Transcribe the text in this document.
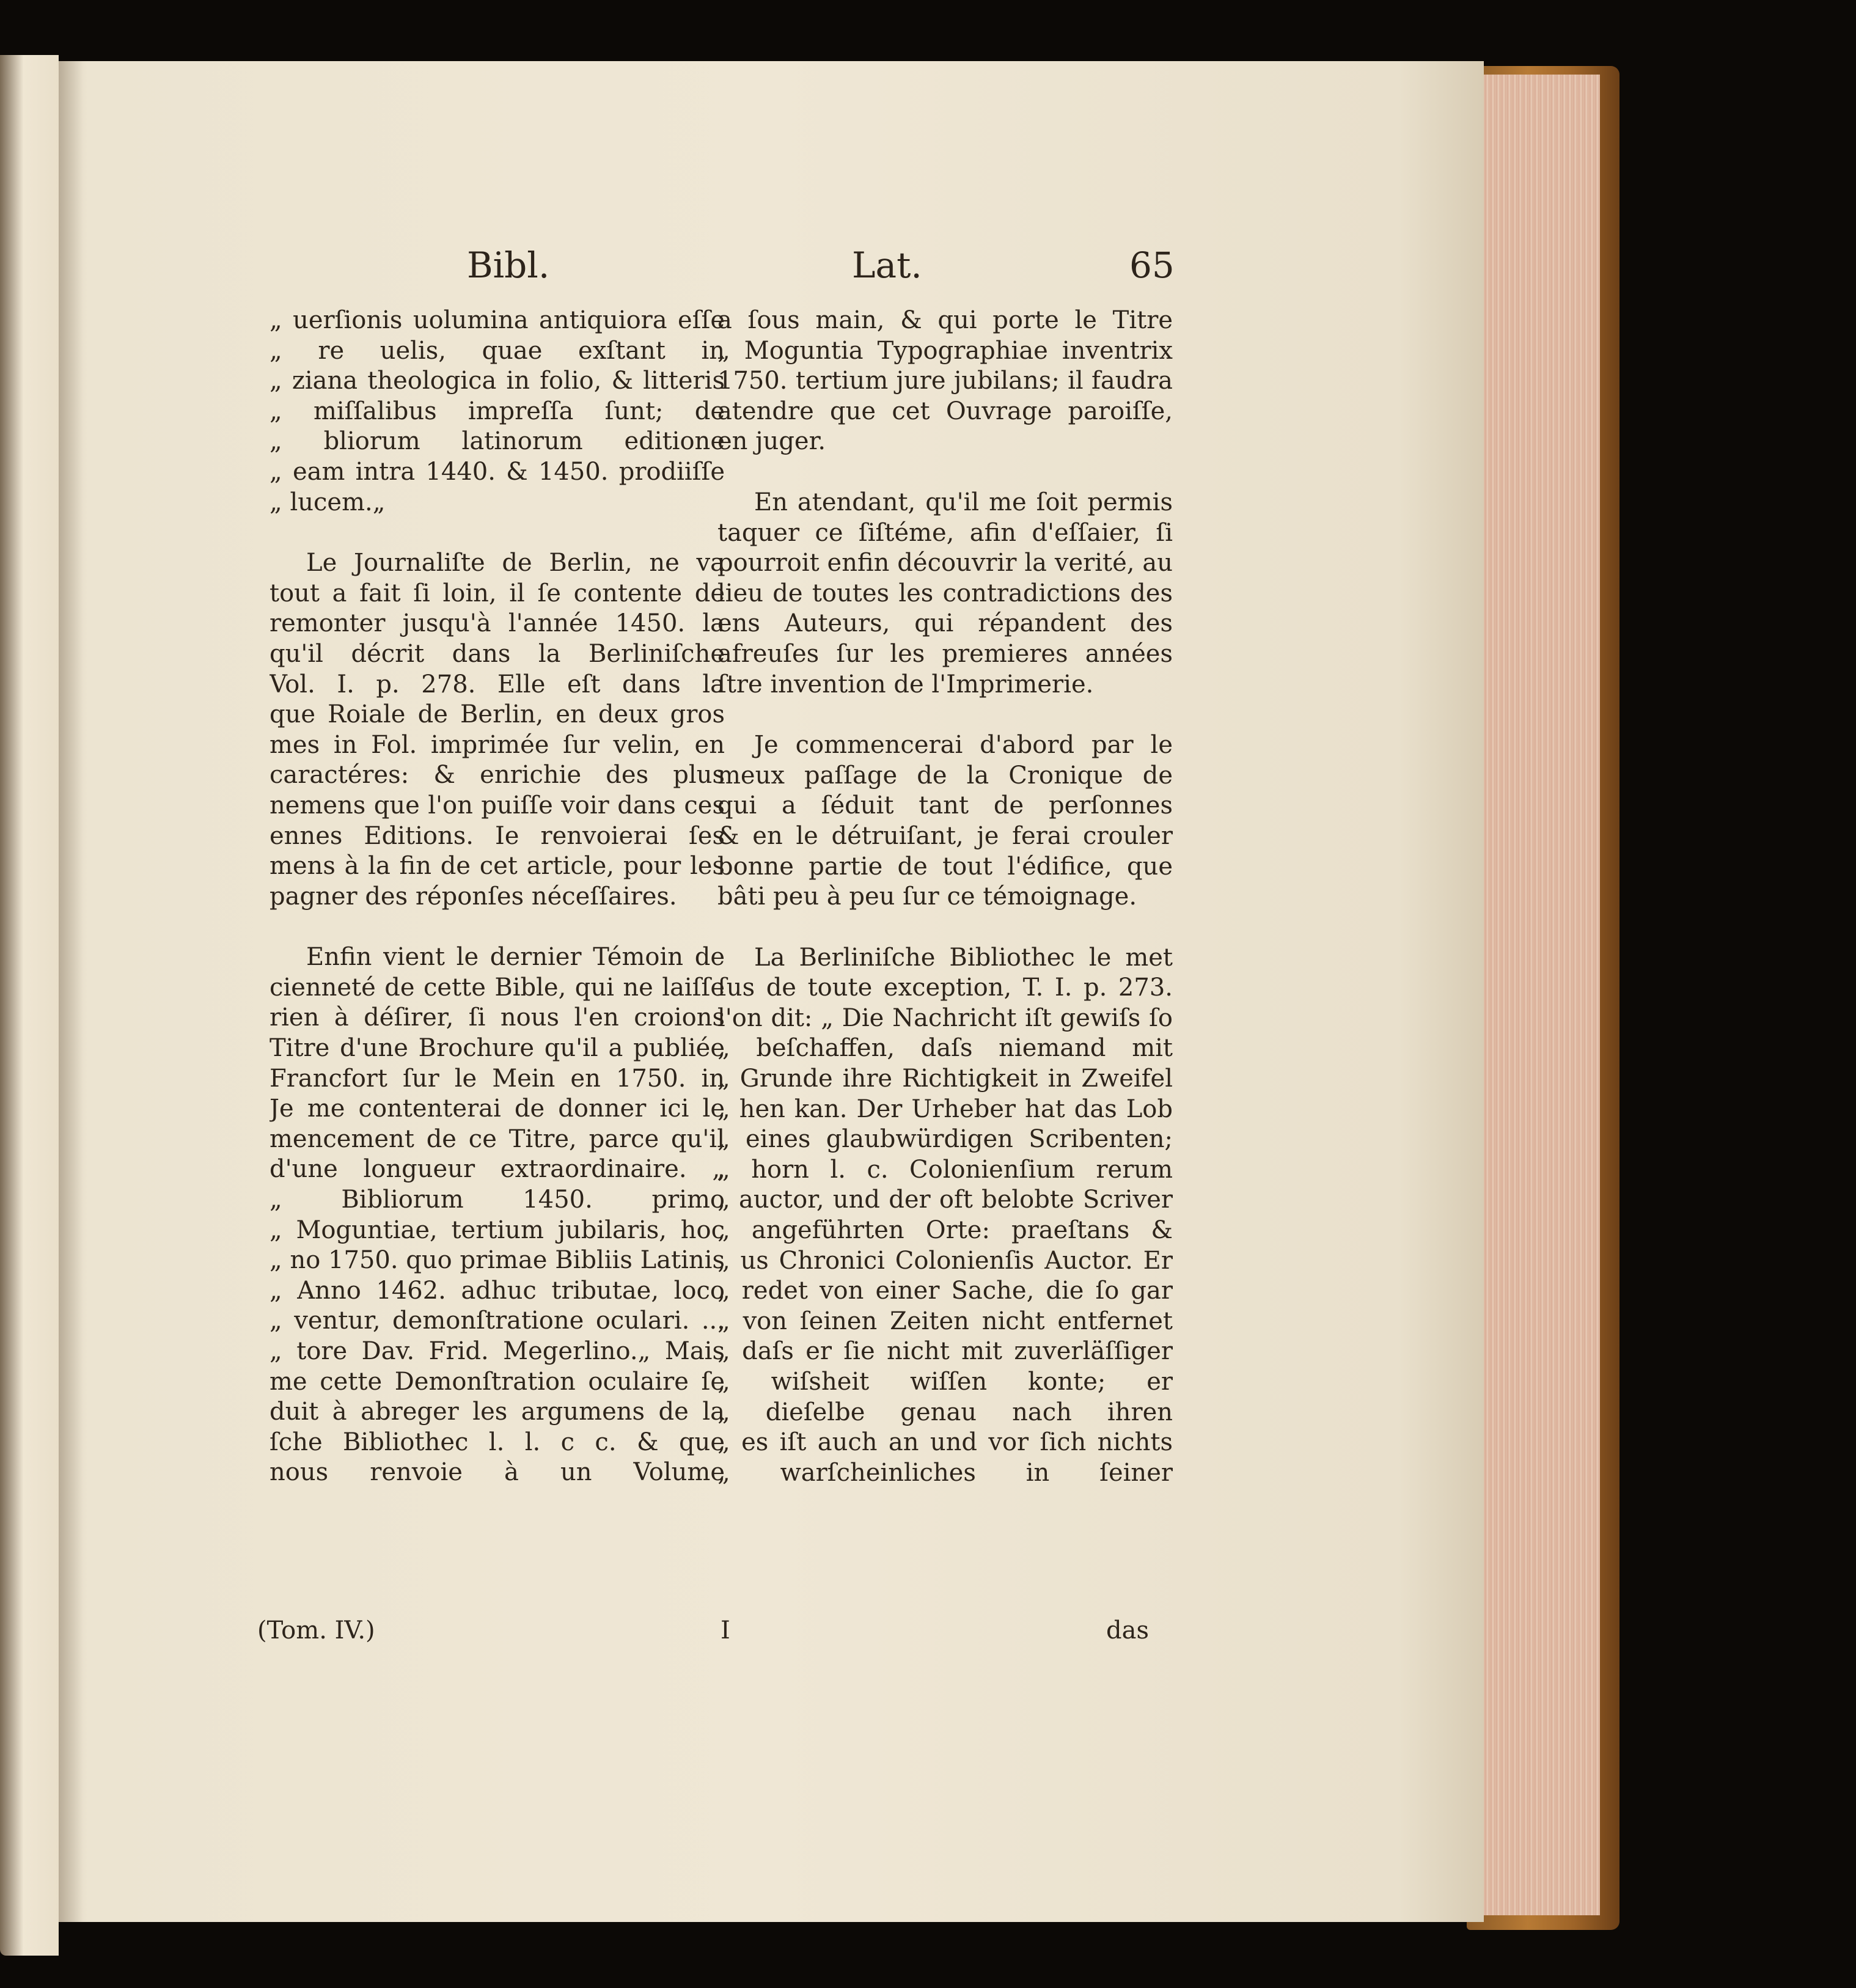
Bibl.	Lat.	65
„ uerſionis uolumina antiquiora eſſe
„ re uelis, quae exſtant in
„ ziana theologica in folio, & litteris
„ miſſalibus impreſſa ſunt; de
„ bliorum latinorum editione
„ eam intra 1440. & 1450. prodiiſſe
„ lucem.„
Le Journaliſte de Berlin, ne va
tout a fait ſi loin, il ſe contente de
remonter jusqu'à l'année 1450. la
qu'il décrit dans la Berliniſche
Vol. I. p. 278. Elle eſt dans la
que Roiale de Berlin, en deux gros
mes in Fol. imprimée ſur velin, en
caractéres: & enrichie des plus
nemens que l'on puiſſe voir dans ces
ennes Editions. Ie renvoierai ſes
mens à la fin de cet article, pour les
pagner des réponſes néceſſaires.
Enfin vient le dernier Témoin de
cienneté de cette Bible, qui ne laiſſe
rien à déſirer, ſi nous l'en croions
Titre d'une Brochure qu'il a publiée
Francfort ſur le Mein en 1750. in
Je me contenterai de donner ici le
mencement de ce Titre, parce qu'il
d'une longueur extraordinaire. „
„ Bibliorum 1450. primo
„ Moguntiae, tertium jubilaris, hoc
„ no 1750. quo primae Bibliis Latinis
„ Anno 1462. adhuc tributae, loco
„ ventur, demonſtratione oculari. ...
„ tore Dav. Frid. Megerlino.„ Mais
me cette Demonſtration oculaire ſe
duit à abreger les argumens de la
ſche Bibliothec l. l. c c. & que
nous renvoie à un Volume
a ſous main, & qui porte le Titre
„ Moguntia Typographiae inventrix
1750. tertium jure jubilans; il faudra
atendre que cet Ouvrage paroiſſe,
en juger.
En atendant, qu'il me ſoit permis
taquer ce ſiſtéme, afin d'eſſaier, ſi
pourroit enfin découvrir la verité, au
lieu de toutes les contradictions des
ens Auteurs, qui répandent des
afreuſes ſur les premieres années
ſtre invention de l'Imprimerie.
Je commencerai d'abord par le
meux paſſage de la Cronique de
qui a ſéduit tant de perſonnes
& en le détruiſant, je ferai crouler
bonne partie de tout l'édifice, que
bâti peu à peu ſur ce témoignage.
La Berliniſche Bibliothec le met
ſus de toute exception, T. I. p. 273.
l'on dit: „ Die Nachricht iſt gewiſs ſo
„ beſchaffen, daſs niemand mit
„ Grunde ihre Richtigkeit in Zweifel
„ hen kan. Der Urheber hat das Lob
„ eines glaubwürdigen Scribenten;
„ horn l. c. Colonienſium rerum
„ auctor, und der oft belobte Scriver
„ angeführten Orte: praeſtans &
„ us Chronici Colonienſis Auctor. Er
„ redet von einer Sache, die ſo gar
„ von ſeinen Zeiten nicht entfernet
„ daſs er ſie nicht mit zuverläſſiger
„ wiſsheit wiſſen konte; er
„ dieſelbe genau nach ihren
„ es iſt auch an und vor ſich nichts
„ warſcheinliches in ſeiner
(Tom. IV.)	I	das
